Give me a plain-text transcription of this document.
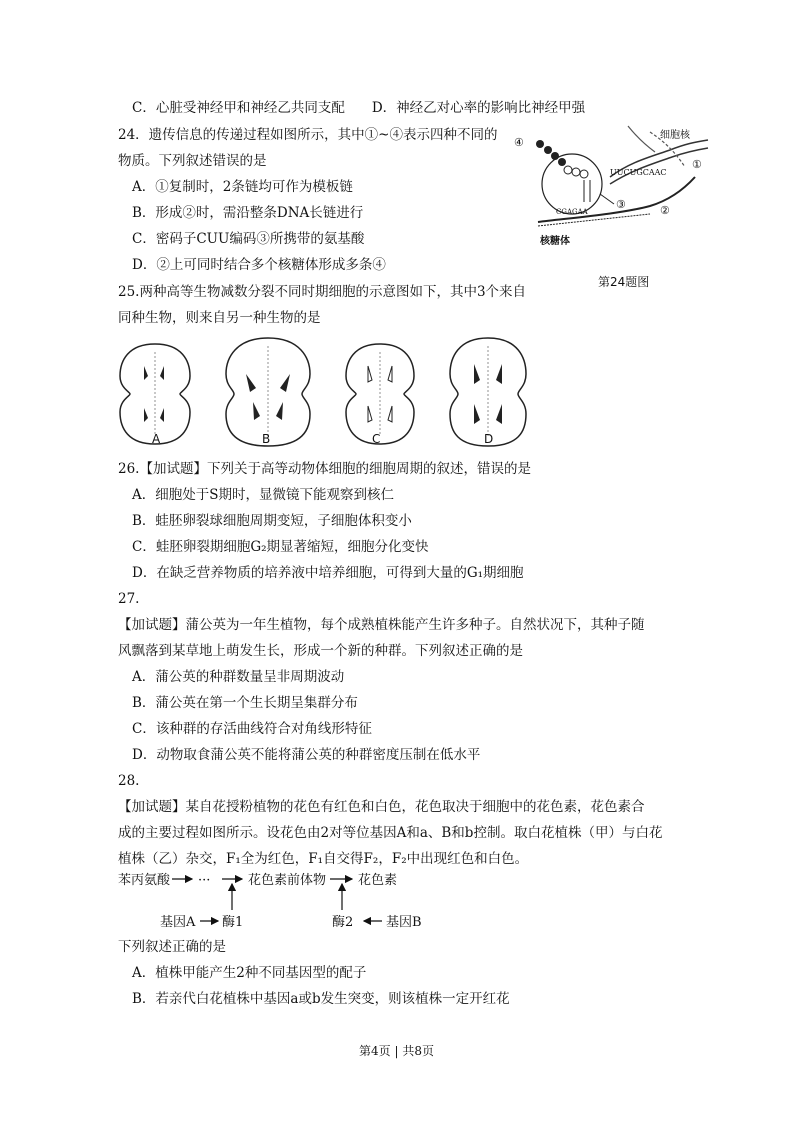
C．心脏受神经甲和神经乙共同支配　　D．神经乙对心率的影响比神经甲强
24．遗传信息的传递过程如图所示，其中①~④表示四种不同的
物质。下列叙述错误的是
A．①复制时，2条链均可作为模板链
B．形成②时，需沿整条DNA长链进行
C．密码子CUU编码③所携带的氨基酸
D．②上可同时结合多个核糖体形成多条④
25.两种高等生物减数分裂不同时期细胞的示意图如下，其中3个来自
同种生物，则来自另一种生物的是
细胞核
UUCUGCAAC
④
①
②
③
CGAGAA
核糖体
第24题图
A	B	C	D
26.【加试题】下列关于高等动物体细胞的细胞周期的叙述，错误的是
A．细胞处于S期时，显微镜下能观察到核仁
B．蛙胚卵裂球细胞周期变短，子细胞体积变小
C．蛙胚卵裂期细胞G₂期显著缩短，细胞分化变快
D．在缺乏营养物质的培养液中培养细胞，可得到大量的G₁期细胞
27.
【加试题】蒲公英为一年生植物，每个成熟植株能产生许多种子。自然状况下，其种子随
风飘落到某草地上萌发生长，形成一个新的种群。下列叙述正确的是
A．蒲公英的种群数量呈非周期波动
B．蒲公英在第一个生长期呈集群分布
C．该种群的存活曲线符合对角线形特征
D．动物取食蒲公英不能将蒲公英的种群密度压制在低水平
28.
【加试题】某自花授粉植物的花色有红色和白色，花色取决于细胞中的花色素，花色素合
成的主要过程如图所示。设花色由2对等位基因A和a、B和b控制。取白花植株（甲）与白花
植株（乙）杂交，F₁全为红色，F₁自交得F₂，F₂中出现红色和白色。
苯丙氨酸 ···	花色素前体物 花色素
基因A 酶1	酶2	基因B
下列叙述正确的是
A．植株甲能产生2种不同基因型的配子
B．若亲代白花植株中基因a或b发生突变，则该植株一定开红花
第4页 | 共8页
